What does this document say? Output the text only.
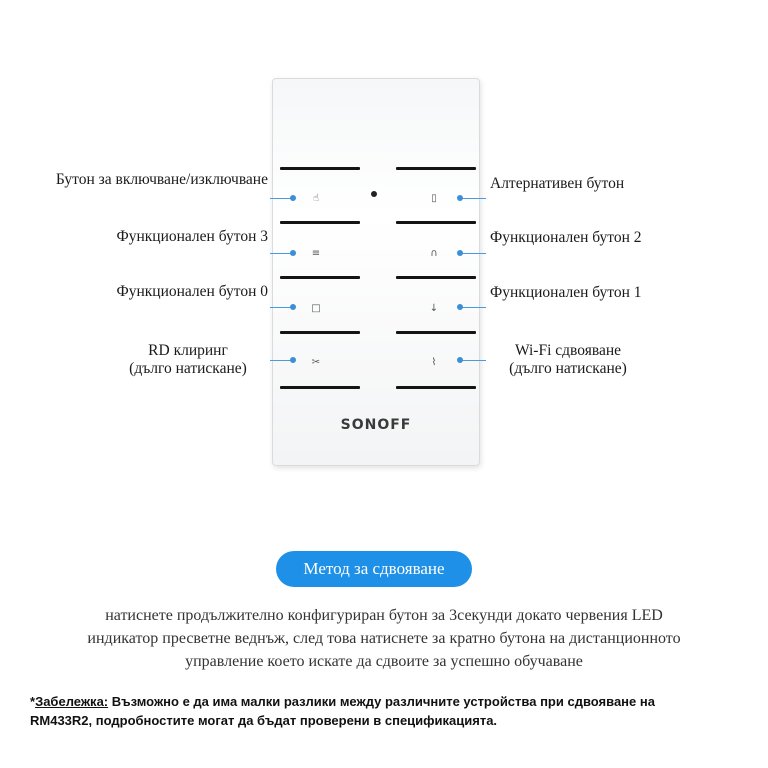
☝	▯
≡	∩
□	↓
✂	⌇
SONOFF
Бутон за включване/изключване
Функционален бутон 3
Функционален бутон 0
RD клиринг
(дълго натискане)
Алтернативен бутон
Функционален бутон 2
Функционален бутон 1
Wi-Fi сдвояване
(дълго натискане)
Метод за сдвояване
натиснете продължително конфигуриран бутон за 3секунди докато червения LED
индикатор пресветне веднъж, след това натиснете за кратно бутона на дистанционното
управление което искате да сдвоите за успешно обучаване
*Забележка: Възможно е да има малки разлики между различните устройства при сдвояване на
RM433R2, подробностите могат да бъдат проверени в спецификацията.
